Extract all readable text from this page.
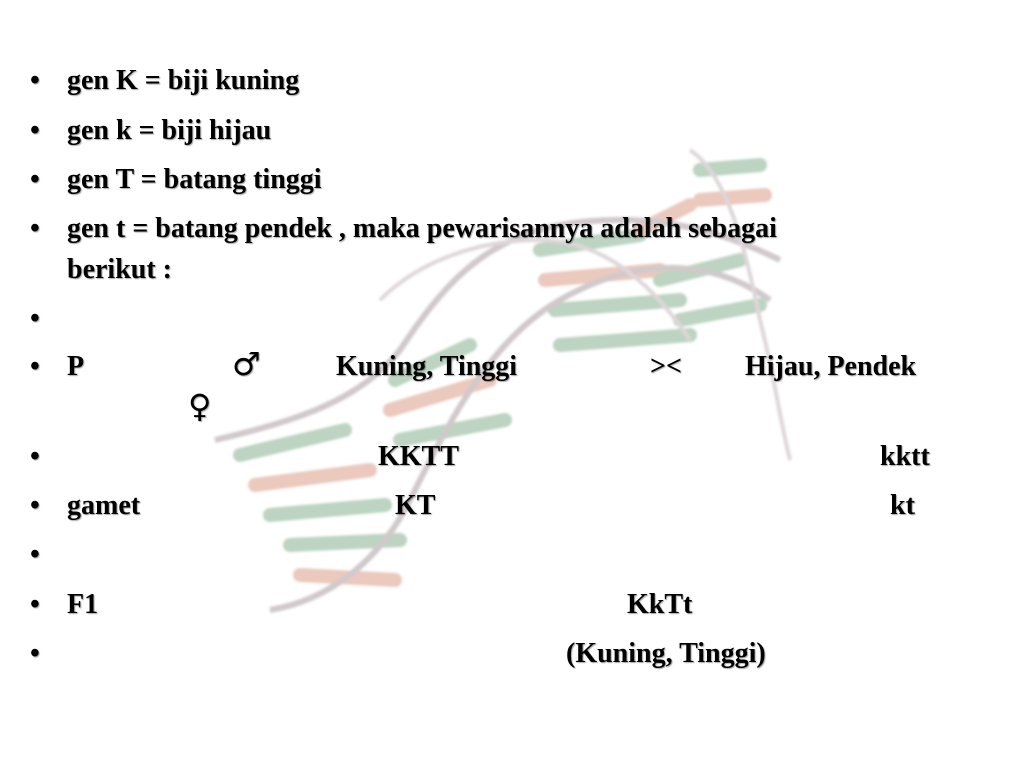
• gen K = biji kuning
• gen k = biji hijau
• gen T = batang tinggi
• gen t = batang pendek , maka pewarisannya adalah sebagai
berikut :
•
• P	♂	Kuning, Tinggi	>< Hijau, Pendek
♀
•	KKTT	kktt
• gamet	KT	kt
•
• F1	KkTt
•	(Kuning, Tinggi)
